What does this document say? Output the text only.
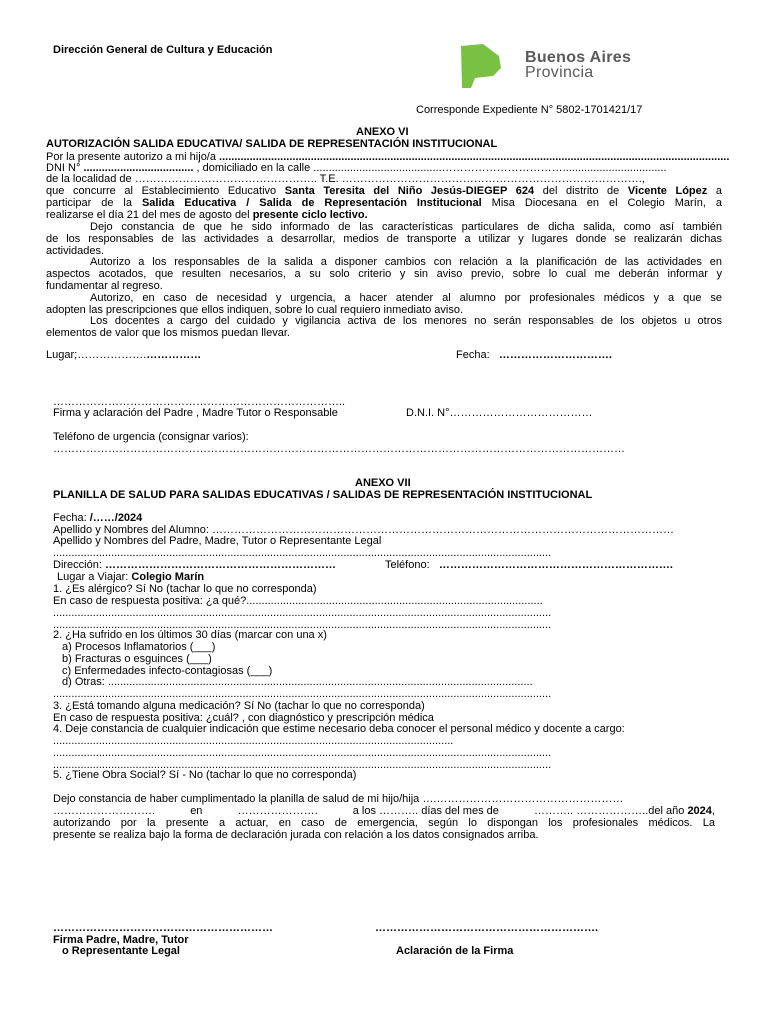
Dirección General de Cultura y Educación	Buenos Aires
Provincia
Corresponde Expediente N° 5802-1701421/17
ANEXO VI
AUTORIZACIÓN SALIDA EDUCATIVA/ SALIDA DE REPRESENTACIÓN INSTITUCIONAL
Por la presente autorizo a mi hijo/a .......................................................................................................................................................................
DNI N° .................................... , domiciliado en la calle ..........................................……………………………..................................
de la localidad de ………………………………………….. T.E. ……………………………………………………………………….,
que concurre al Establecimiento Educativo Santa Teresita del Niño Jesús-DIEGEP 624 del distrito de Vicente López a
participar de la Salida Educativa / Salida de Representación Institucional Misa Diocesana en el Colegio Marín, a
realizarse el día 21 del mes de agosto del presente ciclo lectivo.
Dejo constancia de que he sido informado de las características particulares de dicha salida, como así también
de los responsables de las actividades a desarrollar, medios de transporte a utilizar y lugares donde se realizarán dichas
actividades.
Autorizo a los responsables de la salida a disponer cambios con relación a la planificación de las actividades en
aspectos acotados, que resulten necesarios, a su solo criterio y sin aviso previo, sobre lo cual me deberán informar y
fundamentar al regreso.
Autorizo, en caso de necesidad y urgencia, a hacer atender al alumno por profesionales médicos y a que se
adopten las prescripciones que ellos indiquen, sobre lo cual requiero inmediato aviso.
Los docentes a cargo del cuidado y vigilancia activa de los menores no serán responsables de los objetos u otros
elementos de valor que los mismos puedan llevar.
Lugar;……………….……………	Fecha: ………………………….
……………………………………………………………………..
Firma y aclaración del Padre , Madre Tutor o Responsable	D.N.I. N°…………………………………
Teléfono de urgencia (consignar varios):
…………………………………………………………………………………………………………………………………………
ANEXO VII
PLANILLA DE SALUD PARA SALIDAS EDUCATIVAS / SALIDAS DE REPRESENTACIÓN INSTITUCIONAL
Fecha: /……/2024
Apellido y Nombres del Alumno: ………………………………………………………………………………………………………………
Apellido y Nombres del Padre, Madre, Tutor o Representante Legal
...................................................................................................................................................................
Dirección: ………………………………………………………	Teléfono: ……………………………………………………….
Lugar a Viajar: Colegio Marín
1. ¿Es alérgico? Sí No (tachar lo que no corresponda)
En caso de respuesta positiva: ¿a qué?.................................................................................................
...................................................................................................................................................................
...................................................................................................................................................................
2. ¿Ha sufrido en los últimos 30 días (marcar con una x)
a) Procesos Inflamatorios (___)
b) Fracturas o esguinces (___)
c) Enfermedades infecto-contagiosas (___)
d) Otras: ...........................................................................................................................................
...................................................................................................................................................................
3. ¿Está tomando alguna medicación? Sí No (tachar lo que no corresponda)
En caso de respuesta positiva: ¿cuál? , con diagnóstico y prescripción médica
4. Deje constancia de cualquier indicación que estime necesario deba conocer el personal médico y docente a cargo:
...................................................................................................................................
...................................................................................................................................................................
...................................................................................................................................................................
5. ¿Tiene Obra Social? Sí - No (tachar lo que no corresponda)
Dejo constancia de haber cumplimentado la planilla de salud de mi hijo/hija ….……………………………………………
……………………….	en	………………….	a los ……….. días del mes de	……….. ………………..del año 2024,
autorizando por la presente a actuar, en caso de emergencia, según lo dispongan los profesionales médicos. La
presente se realiza bajo la forma de declaración jurada con relación a los datos consignados arriba.
……………………………………………………	…………………………………………………….
Firma Padre, Madre, Tutor
o Representante Legal	Aclaración de la Firma
